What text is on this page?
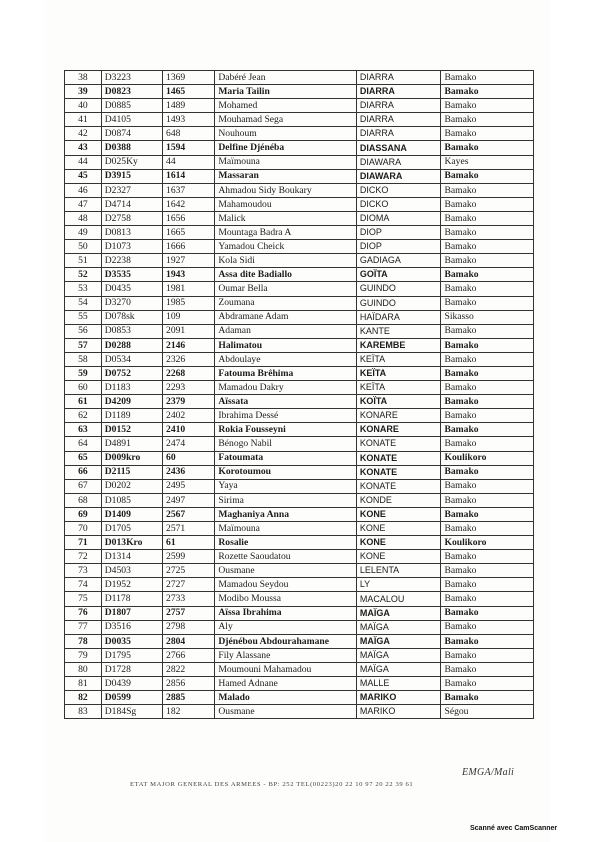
38	D3223	1369	Dabéré Jean	DIARRA	Bamako
39	D0823	1465	Maria Tailin	DIARRA	Bamako
40	D0885	1489	Mohamed	DIARRA	Bamako
41	D4105	1493	Mouhamad Sega	DIARRA	Bamako
42	D0874	648	Nouhoum	DIARRA	Bamako
43	D0388	1594	Delfine Djénéba	DIASSANA	Bamako
44	D025Ky	44	Maïmouna	DIAWARA	Kayes
45	D3915	1614	Massaran	DIAWARA	Bamako
46	D2327	1637	Ahmadou Sidy Boukary	DICKO	Bamako
47	D4714	1642	Mahamoudou	DICKO	Bamako
48	D2758	1656	Malick	DIOMA	Bamako
49	D0813	1665	Mountaga Badra A	DIOP	Bamako
50	D1073	1666	Yamadou Cheick	DIOP	Bamako
51	D2238	1927	Kola Sidi	GADIAGA	Bamako
52	D3535	1943	Assa dite Badiallo	GOÏTA	Bamako
53	D0435	1981	Oumar Bella	GUINDO	Bamako
54	D3270	1985	Zoumana	GUINDO	Bamako
55	D078sk	109	Abdramane Adam	HAÏDARA	Sikasso
56	D0853	2091	Adaman	KANTE	Bamako
57	D0288	2146	Halimatou	KAREMBE	Bamako
58	D0534	2326	Abdoulaye	KEÏTA	Bamako
59	D0752	2268	Fatouma Brêhima	KEÏTA	Bamako
60	D1183	2293	Mamadou Dakry	KEÏTA	Bamako
61	D4209	2379	Aïssata	KOÏTA	Bamako
62	D1189	2402	Ibrahima Dessé	KONARE	Bamako
63	D0152	2410	Rokia Fousseyni	KONARE	Bamako
64	D4891	2474	Bénogo Nabil	KONATE	Bamako
65	D009kro	60	Fatoumata	KONATE	Koulikoro
66	D2115	2436	Korotoumou	KONATE	Bamako
67	D0202	2495	Yaya	KONATE	Bamako
68	D1085	2497	Sirima	KONDE	Bamako
69	D1409	2567	Maghaniya Anna	KONE	Bamako
70	D1705	2571	Maïmouna	KONE	Bamako
71	D013Kro	61	Rosalie	KONE	Koulikoro
72	D1314	2599	Rozette Saoudatou	KONE	Bamako
73	D4503	2725	Ousmane	LELENTA	Bamako
74	D1952	2727	Mamadou Seydou	LY	Bamako
75	D1178	2733	Modibo Moussa	MACALOU	Bamako
76	D1807	2757	Aïssa Ibrahima	MAÏGA	Bamako
77	D3516	2798	Aly	MAÏGA	Bamako
78	D0035	2804	Djénébou Abdourahamane	MAÏGA	Bamako
79	D1795	2766	Fily Alassane	MAÏGA	Bamako
80	D1728	2822	Moumouni Mahamadou	MAÏGA	Bamako
81	D0439	2856	Hamed Adnane	MALLE	Bamako
82	D0599	2885	Malado	MARIKO	Bamako
83	D184Sg	182	Ousmane	MARIKO	Ségou
EMGA/Mali
ETAT MAJOR GENERAL DES ARMEES - BP: 252 TEL(00223)20 22 10 97 20 22 39 61
Scanné avec CamScanner
